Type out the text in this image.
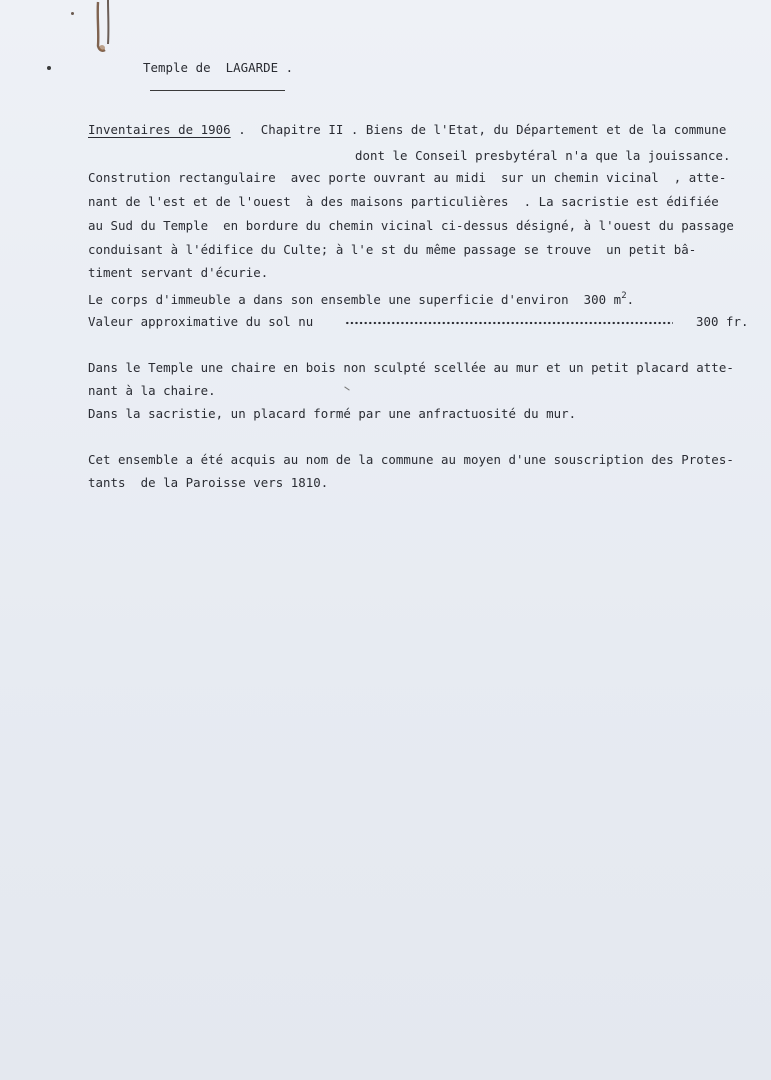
Temple de  LAGARDE .
Inventaires de 1906 .  Chapitre II . Biens de l'Etat, du Département et de la commune
dont le Conseil presbytéral n'a que la jouissance.
Constrution rectangulaire  avec porte ouvrant au midi  sur un chemin vicinal  , atte-
nant de l'est et de l'ouest  à des maisons particulières  . La sacristie est édifiée
au Sud du Temple  en bordure du chemin vicinal ci-dessus désigné, à l'ouest du passage
conduisant à l'édifice du Culte; à l'e st du même passage se trouve  un petit bâ-
timent servant d'écurie.
Le corps d'immeuble a dans son ensemble une superficie d'environ  300 $m^2$.
Valeur approximative du sol nu	300 fr.
Dans le Temple une chaire en bois non sculpté scellée au mur et un petit placard atte-
nant à la chaire.
Dans la sacristie, un placard formé par une anfractuosité du mur.
Cet ensemble a été acquis au nom de la commune au moyen d'une souscription des Protes-
tants  de la Paroisse vers 1810.
